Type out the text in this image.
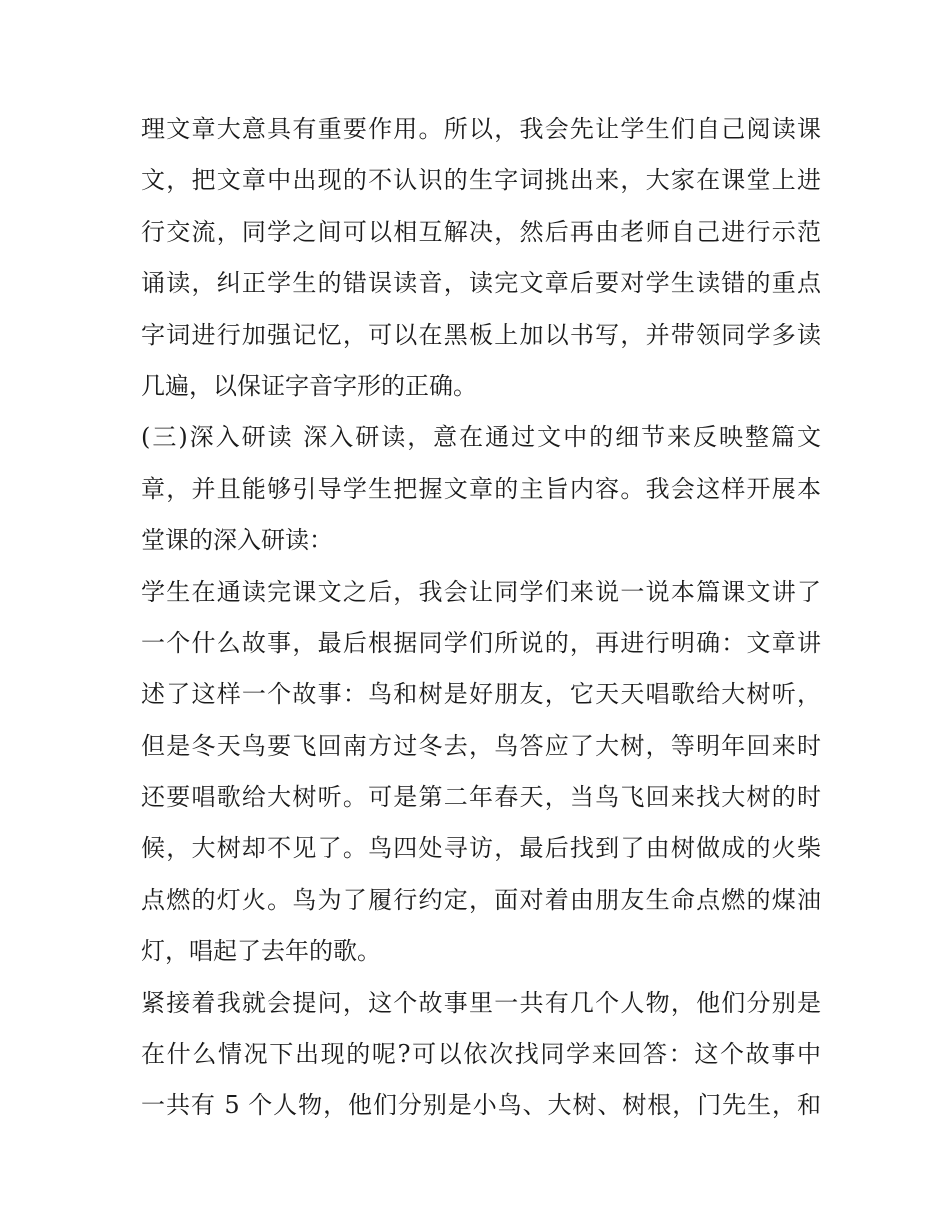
理文章大意具有重要作用。所以，我会先让学生们自己阅读课
文，把文章中出现的不认识的生字词挑出来，大家在课堂上进
行交流，同学之间可以相互解决，然后再由老师自己进行示范
诵读，纠正学生的错误读音，读完文章后要对学生读错的重点
字词进行加强记忆，可以在黑板上加以书写，并带领同学多读
几遍，以保证字音字形的正确。
(三)深入研读 深入研读，意在通过文中的细节来反映整篇文
章，并且能够引导学生把握文章的主旨内容。我会这样开展本
堂课的深入研读：
学生在通读完课文之后，我会让同学们来说一说本篇课文讲了
一个什么故事，最后根据同学们所说的，再进行明确：文章讲
述了这样一个故事：鸟和树是好朋友，它天天唱歌给大树听，
但是冬天鸟要飞回南方过冬去，鸟答应了大树，等明年回来时
还要唱歌给大树听。可是第二年春天，当鸟飞回来找大树的时
候，大树却不见了。鸟四处寻访，最后找到了由树做成的火柴
点燃的灯火。鸟为了履行约定，面对着由朋友生命点燃的煤油
灯，唱起了去年的歌。
紧接着我就会提问，这个故事里一共有几个人物，他们分别是
在什么情况下出现的呢?可以依次找同学来回答：这个故事中
一共有 5 个人物，他们分别是小鸟、大树、树根，门先生，和
